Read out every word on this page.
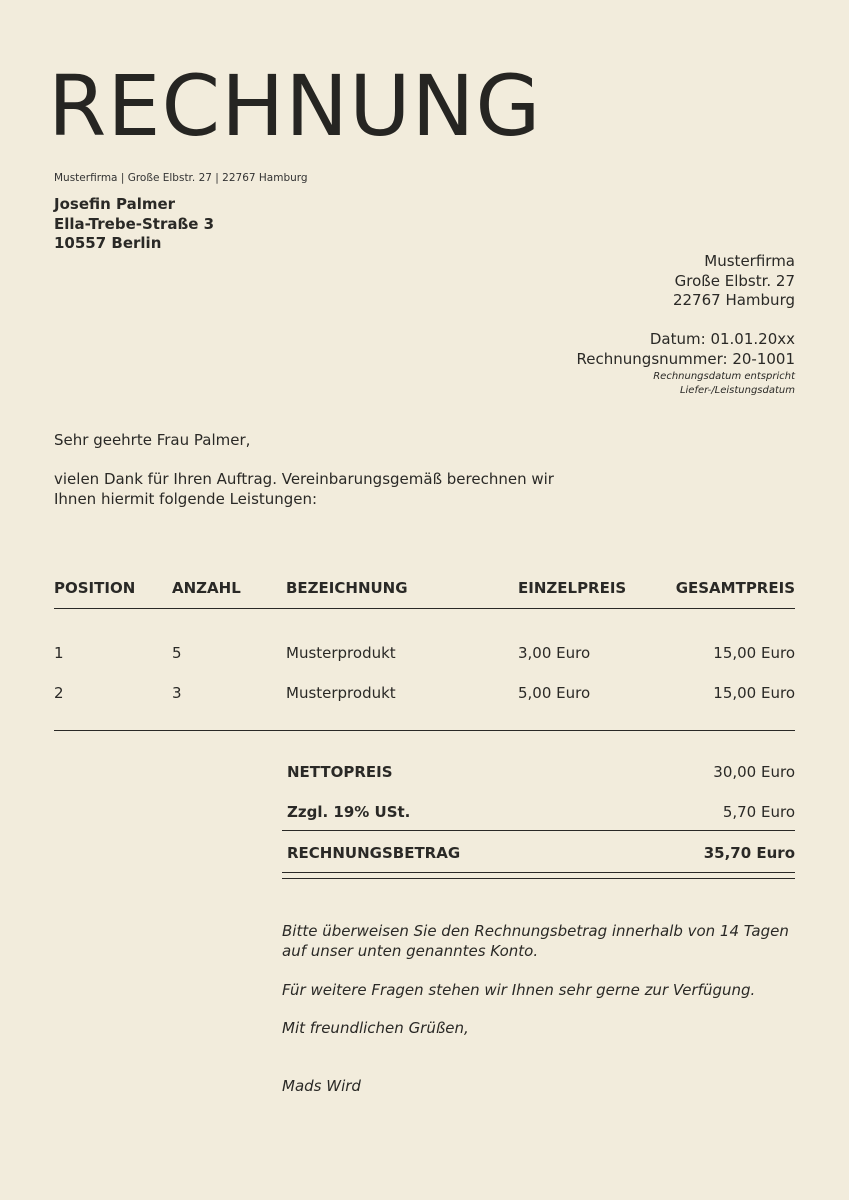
RECHNUNG
Musterfirma | Große Elbstr. 27 | 22767 Hamburg
Josefin Palmer
Ella-Trebe-Straße 3
10557 Berlin
Musterfirma
Große Elbstr. 27
22767 Hamburg
Datum: 01.01.20xx
Rechnungsnummer: 20-1001
Rechnungsdatum entspricht
Liefer-/Leistungsdatum
Sehr geehrte Frau Palmer,
vielen Dank für Ihren Auftrag. Vereinbarungsgemäß berechnen wir Ihnen hiermit folgende Leistungen:
POSITION ANZAHL	BEZEICHNUNG	EINZELPREIS	GESAMTPREIS
1	5	Musterprodukt	3,00 Euro	15,00 Euro
2	3	Musterprodukt	5,00 Euro	15,00 Euro
NETTOPREIS	30,00 Euro
Zzgl. 19% USt.	5,70 Euro
RECHNUNGSBETRAG	35,70 Euro
Bitte überweisen Sie den Rechnungsbetrag innerhalb von 14 Tagen auf unser unten genanntes Konto.
Für weitere Fragen stehen wir Ihnen sehr gerne zur Verfügung.
Mit freundlichen Grüßen,
Mads Wird
